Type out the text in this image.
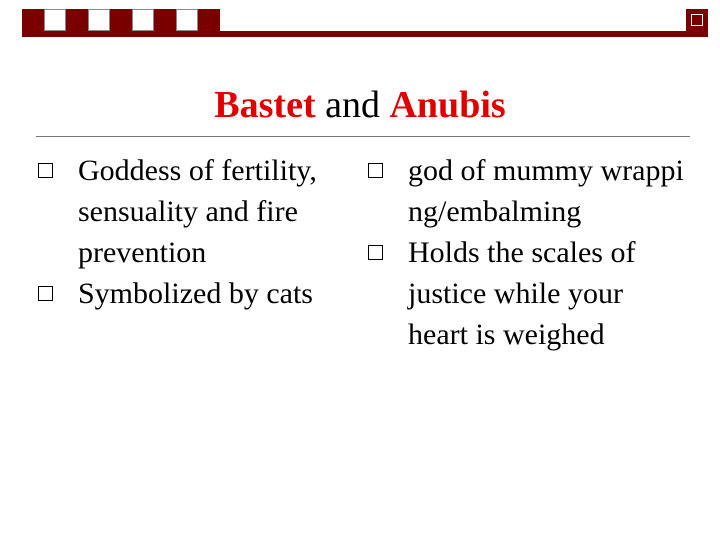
Bastet and Anubis
Goddess of fertility, sensuality and fire prevention
Symbolized by cats
god of mummy wrapping/embalming
Holds the scales of justice while your heart is weighed
